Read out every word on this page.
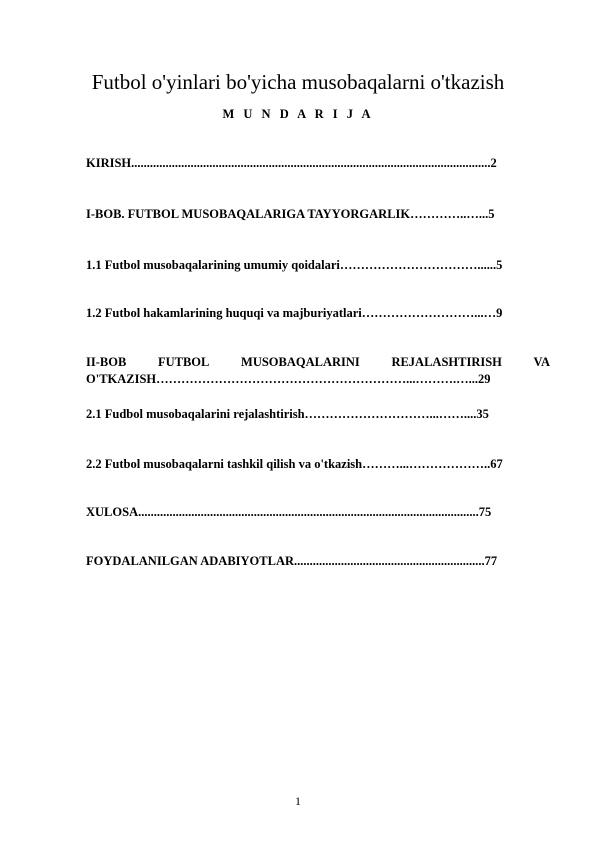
Futbol o'yinlari bo'yicha musobaqalarni o'tkazish
M U N D A R I J A
KIRISH...................................................................................................................2
I-BOB. FUTBOL MUSOBAQALARIGA TAYYORGARLIK…………..…...5
1.1 Futbol musobaqalarining umumiy qoidalari……………………………......5
1.2 Futbol hakamlarining huquqi va majburiyatlari………………………...…9
II-BOB	FUTBOL	MUSOBAQALARINI	REJALASHTIRISH	VA
O'TKAZISH……………………………………………………...……….…...29
2.1 Fudbol musobaqalarini rejalashtirish…………………………...……....35
2.2 Futbol musobaqalarni tashkil qilish va o'tkazish………...………………..67
XULOSA.............................................................................................................75
FOYDALANILGAN ADABIYOTLAR.............................................................77
1
